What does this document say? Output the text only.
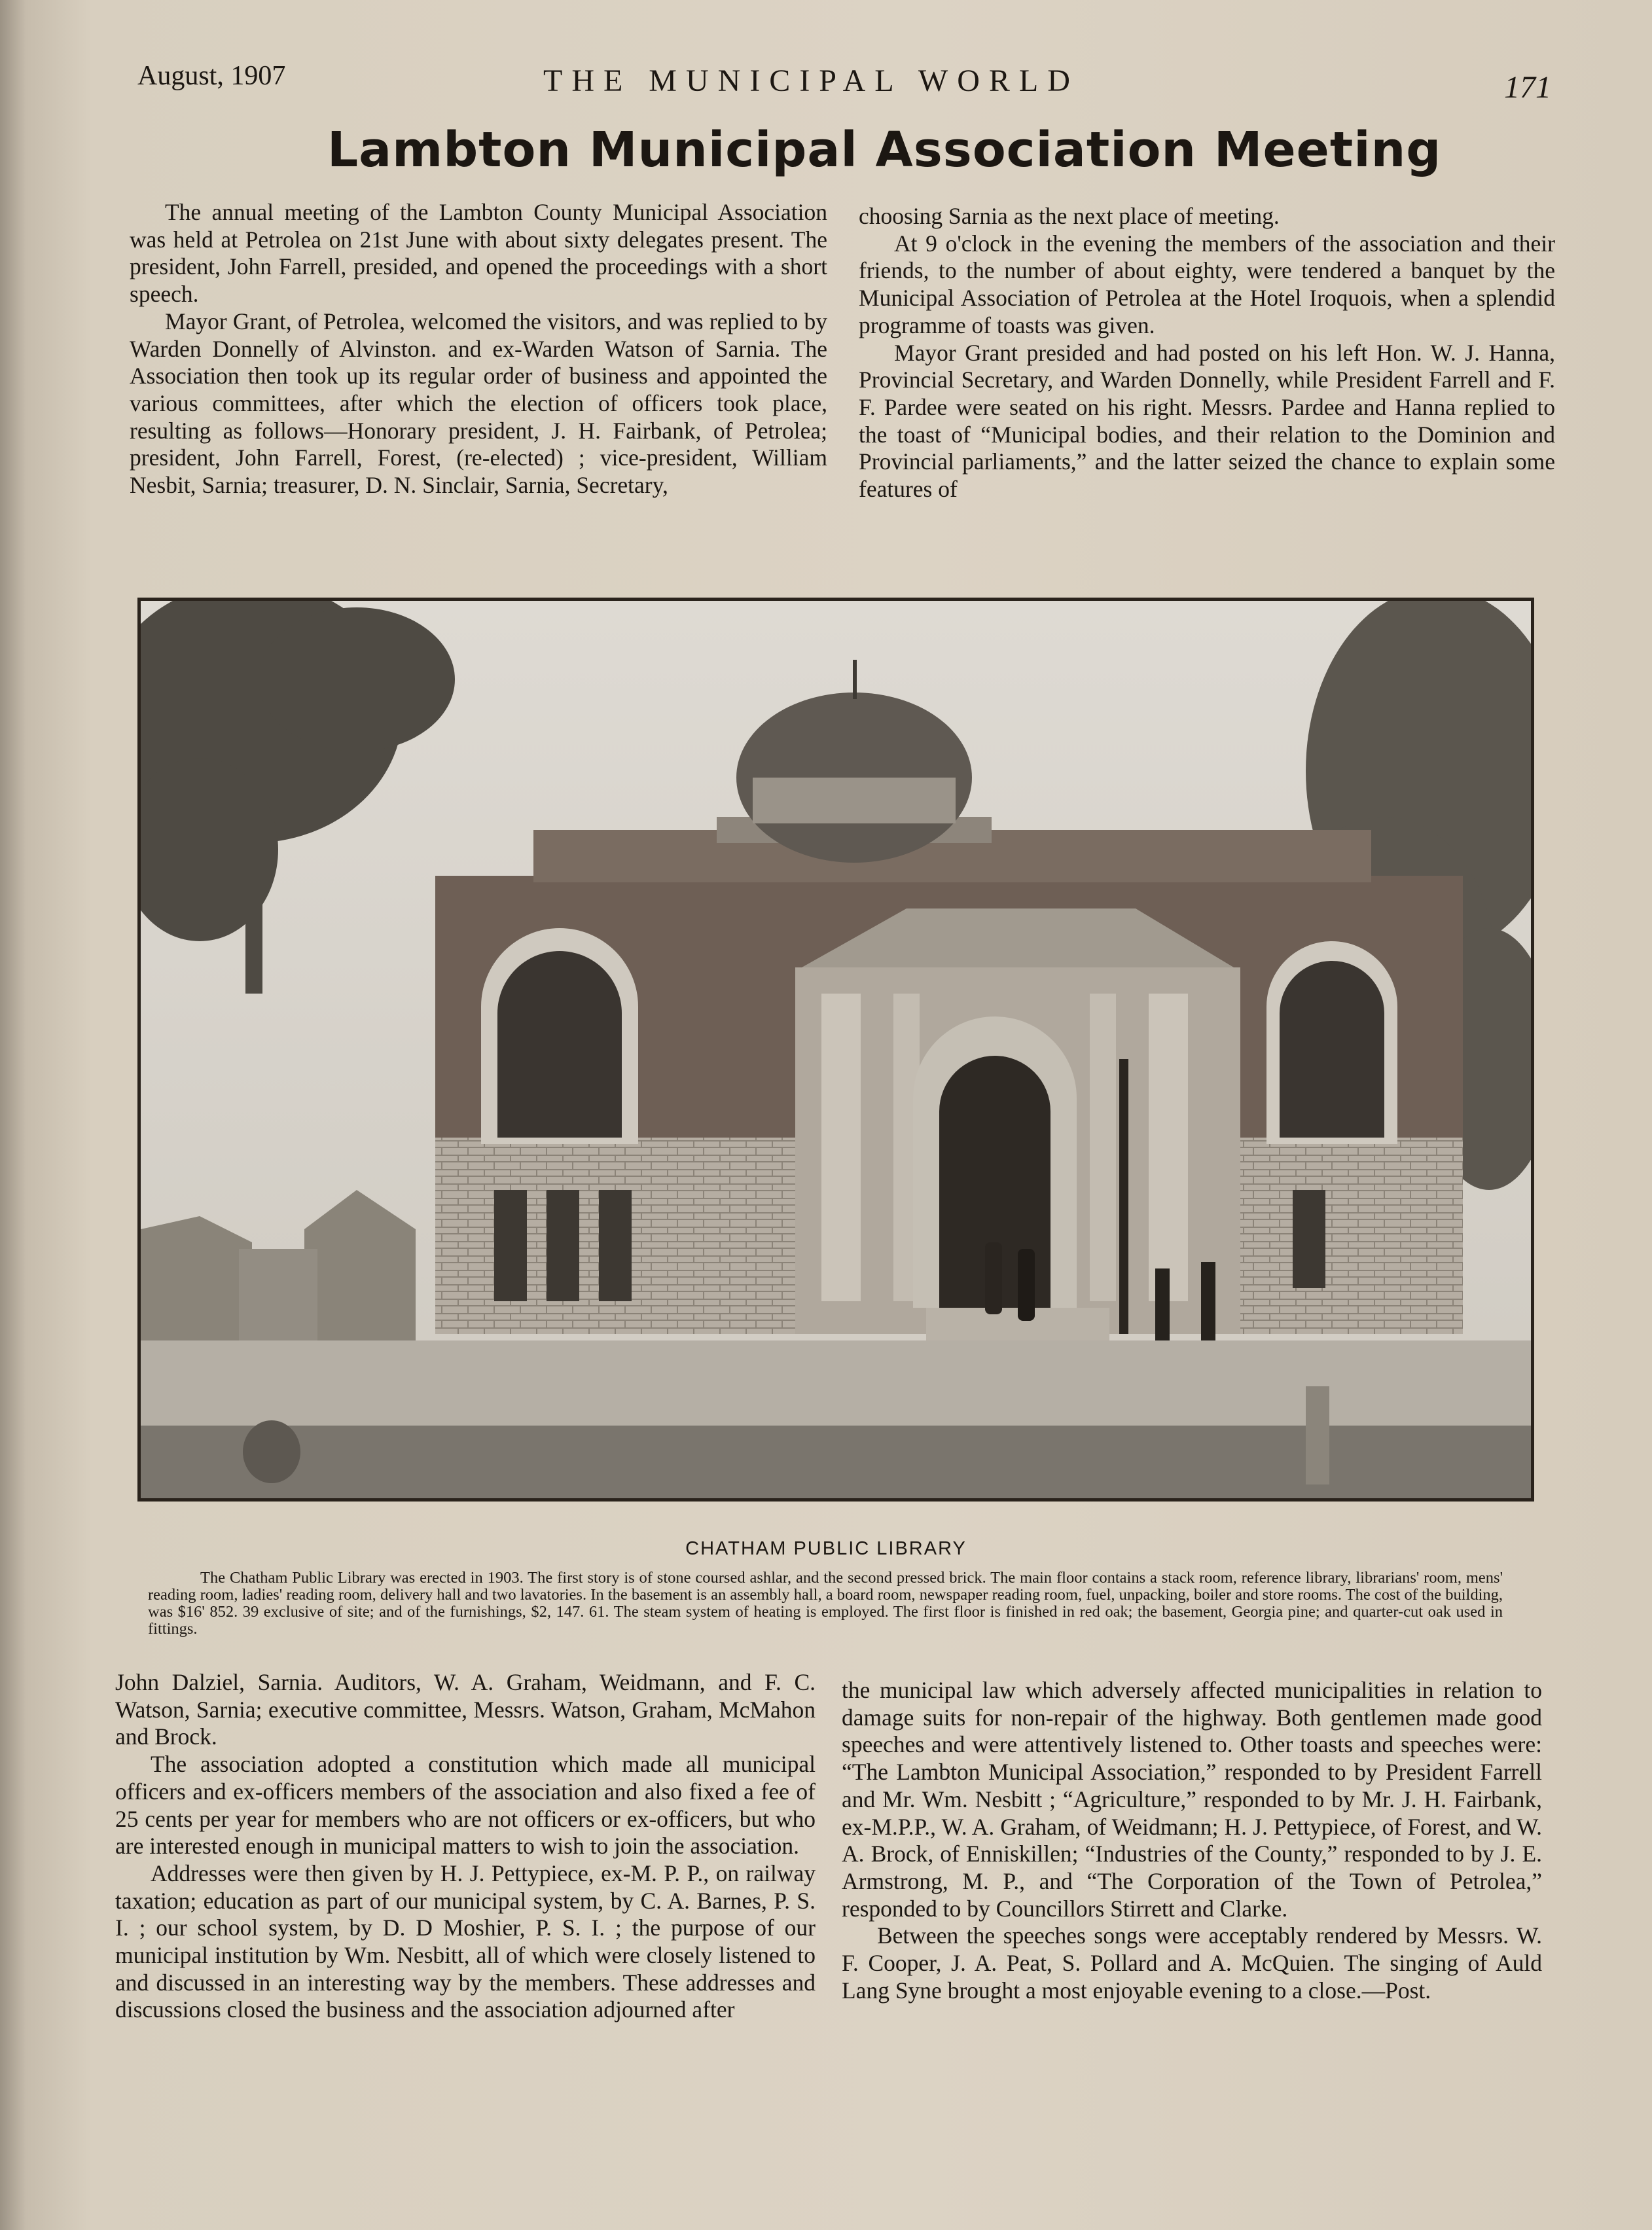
August, 1907	THE MUNICIPAL WORLD	171
Lambton Municipal Association Meeting

The annual meeting of the Lambton County Municipal Association was held at Petrolea on 21st June with about sixty delegates present. The president, John Farrell, presided, and opened the proceedings with a short speech.

Mayor Grant, of Petrolea, welcomed the visitors, and was replied to by Warden Donnelly of Alvinston. and ex-Warden Watson of Sarnia. The Association then took up its regular order of business and appointed the various committees, after which the election of officers took place, resulting as follows—Honorary president, J. H. Fairbank, of Petrolea; president, John Farrell, Forest, (re-elected) ; vice-president, William Nesbit, Sarnia; treasurer, D. N. Sinclair, Sarnia, Secretary,

choosing Sarnia as the next place of meeting.

At 9 o'clock in the evening the members of the association and their friends, to the number of about eighty, were tendered a banquet by the Municipal Association of Petrolea at the Hotel Iroquois, when a splendid programme of toasts was given.

Mayor Grant presided and had posted on his left Hon. W. J. Hanna, Provincial Secretary, and Warden Donnelly, while President Farrell and F. F. Pardee were seated on his right. Messrs. Pardee and Hanna replied to the toast of “Municipal bodies, and their relation to the Dominion and Provincial parliaments,” and the latter seized the chance to explain some features of

CHATHAM PUBLIC LIBRARY

The Chatham Public Library was erected in 1903. The first story is of stone coursed ashlar, and the second pressed brick. The main floor contains a stack room, reference library, librarians' room, mens' reading room, ladies' reading room, delivery hall and two lavatories. In the basement is an assembly hall, a board room, newspaper reading room, fuel, unpacking, boiler and store rooms. The cost of the building, was $16' 852. 39 exclusive of site; and of the furnishings, $2, 147. 61. The steam system of heating is employed. The first floor is finished in red oak; the basement, Georgia pine; and quarter-cut oak used in fittings.

John Dalziel, Sarnia. Auditors, W. A. Graham, Weidmann, and F. C. Watson, Sarnia; executive committee, Messrs. Watson, Graham, McMahon and Brock.

The association adopted a constitution which made all municipal officers and ex-officers members of the association and also fixed a fee of 25 cents per year for members who are not officers or ex-officers, but who are interested enough in municipal matters to wish to join the association.

Addresses were then given by H. J. Pettypiece, ex-M. P. P., on railway taxation; education as part of our municipal system, by C. A. Barnes, P. S. I. ; our school system, by D. D Moshier, P. S. I. ; the purpose of our municipal institution by Wm. Nesbitt, all of which were closely listened to and discussed in an interesting way by the members. These addresses and discussions closed the business and the association adjourned after

the municipal law which adversely affected municipalities in relation to damage suits for non-repair of the highway. Both gentlemen made good speeches and were attentively listened to. Other toasts and speeches were: “The Lambton Municipal Association,” responded to by President Farrell and Mr. Wm. Nesbitt ; “Agriculture,” responded to by Mr. J. H. Fairbank, ex-M.P.P., W. A. Graham, of Weidmann; H. J. Pettypiece, of Forest, and W. A. Brock, of Enniskillen; “Industries of the County,” responded to by J. E. Armstrong, M. P., and “The Corporation of the Town of Petrolea,” responded to by Councillors Stirrett and Clarke.

Between the speeches songs were acceptably rendered by Messrs. W. F. Cooper, J. A. Peat, S. Pollard and A. McQuien. The singing of Auld Lang Syne brought a most enjoyable evening to a close.—Post.
